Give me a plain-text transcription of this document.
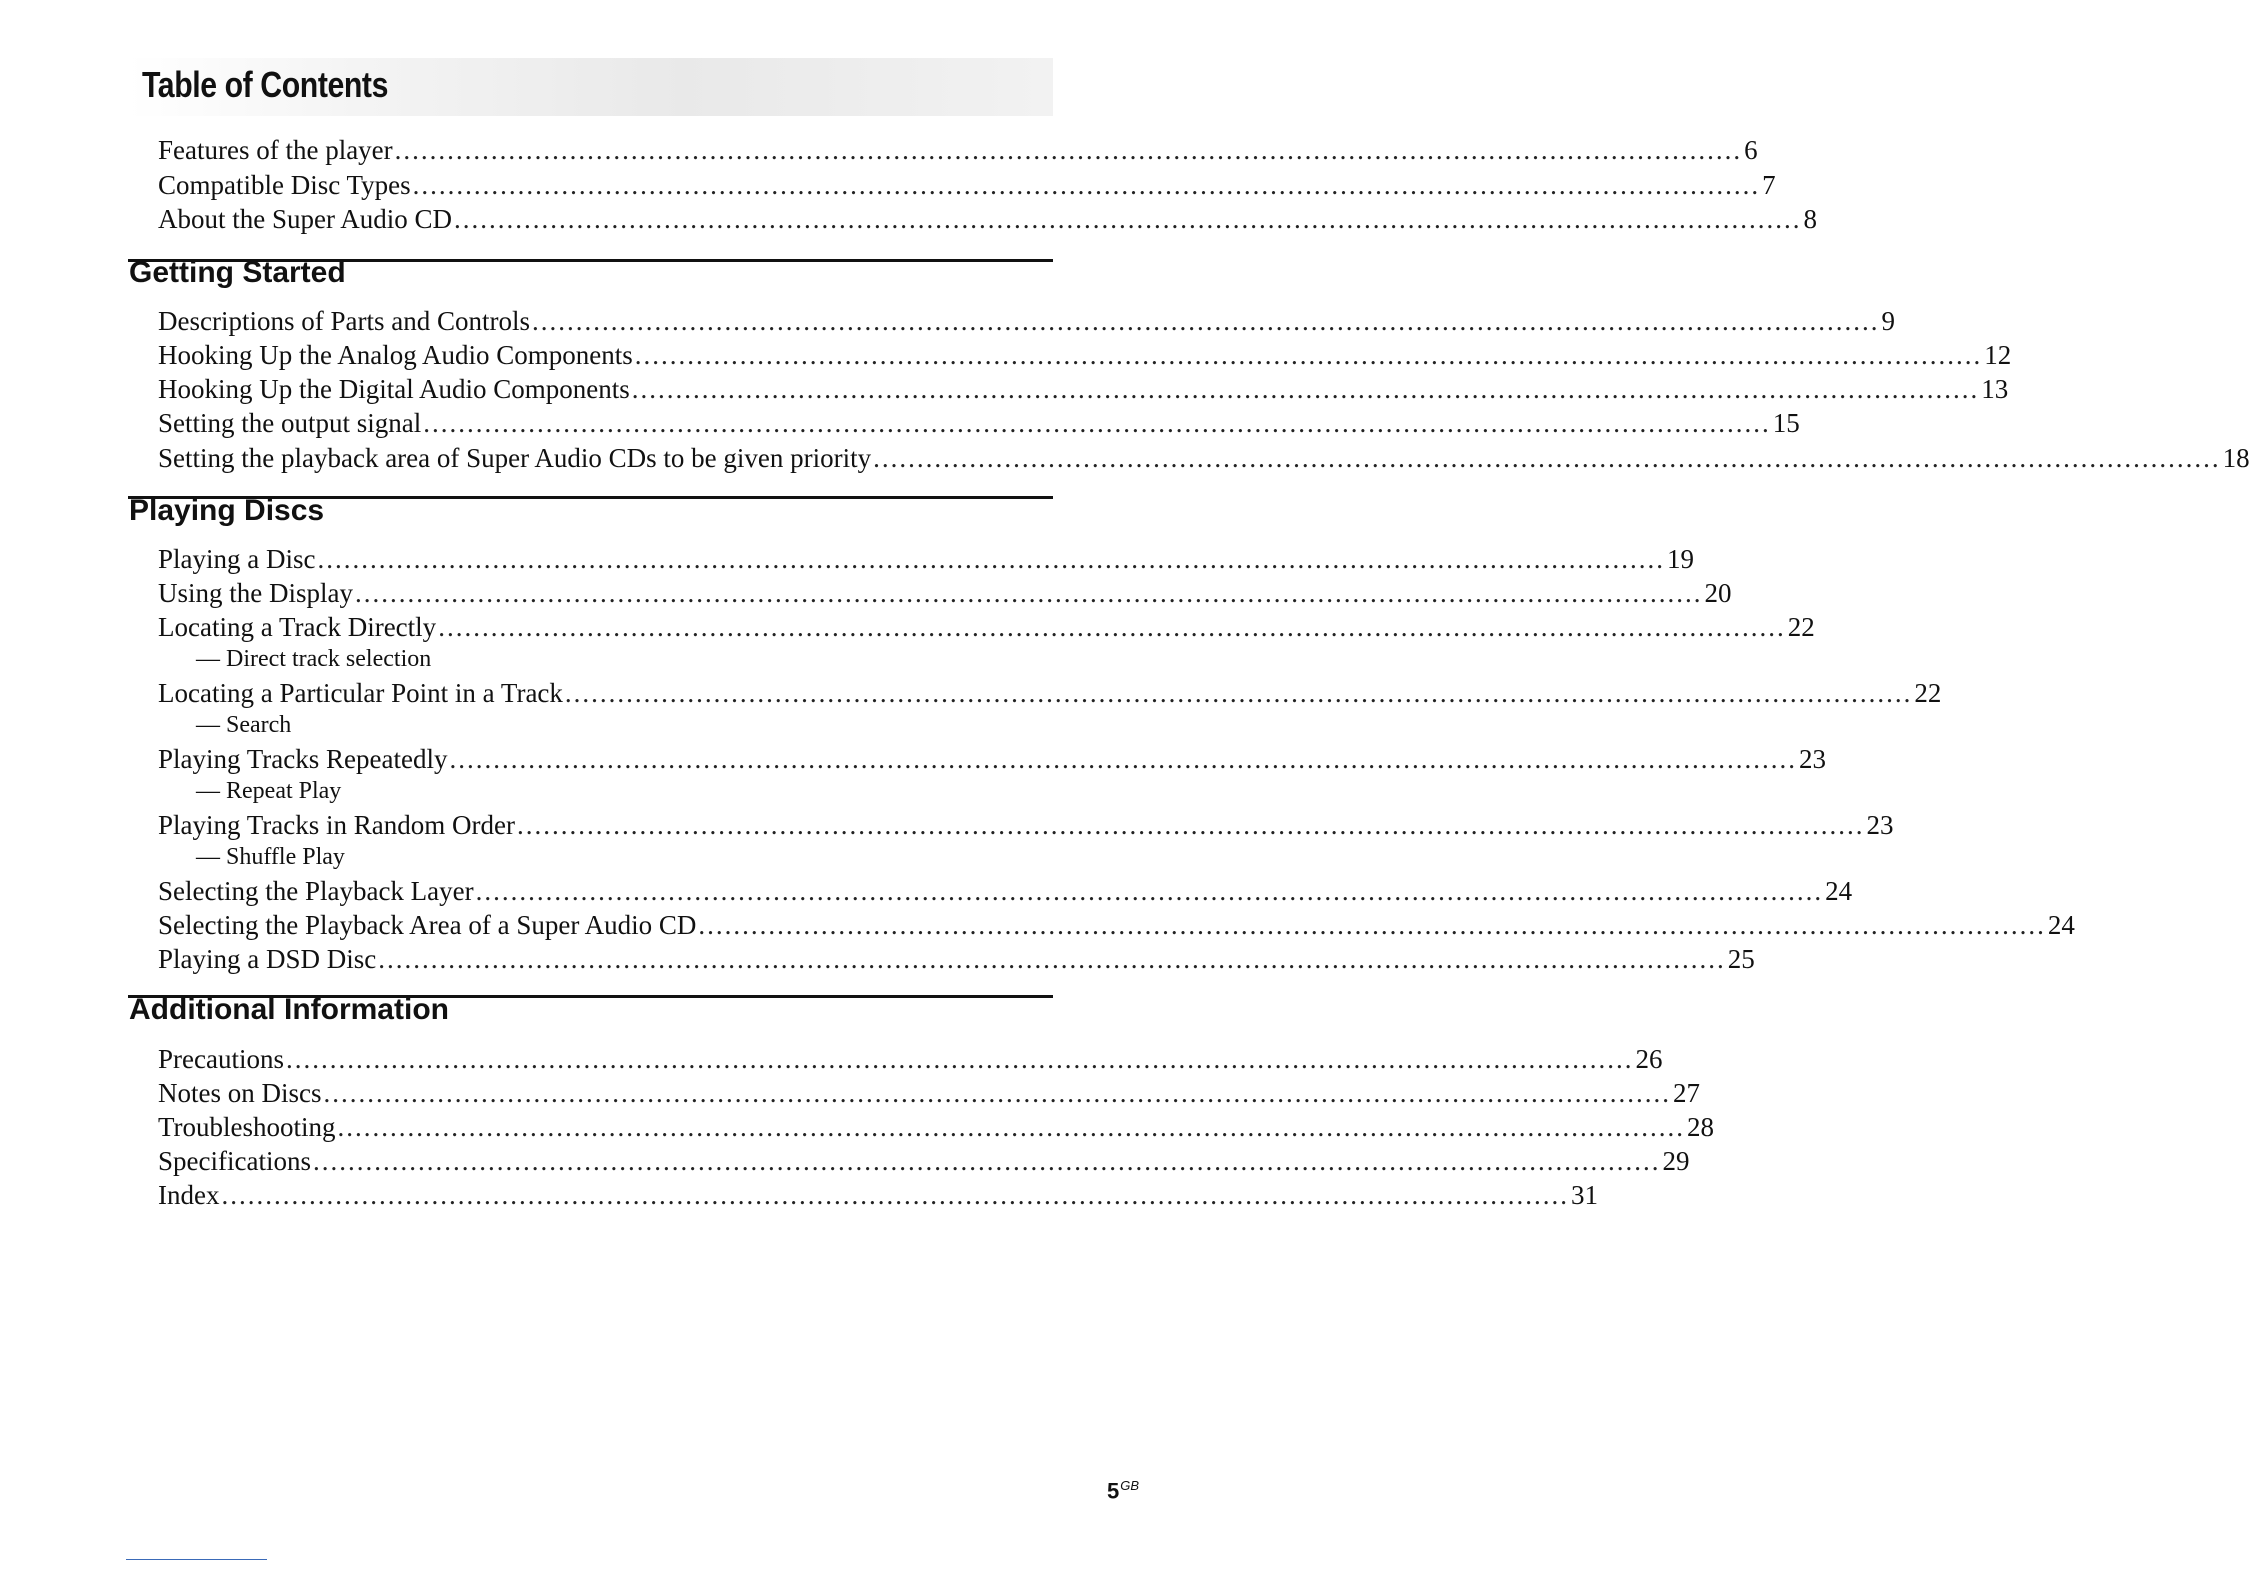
Table of Contents
Features of the player .......................................................................................................................................................... 6
Compatible Disc Types .......................................................................................................................................................... 7
About the Super Audio CD .......................................................................................................................................................... 8
Getting Started
Descriptions of Parts and Controls .......................................................................................................................................................... 9
Hooking Up the Analog Audio Components .......................................................................................................................................................... 12
Hooking Up the Digital Audio Components .......................................................................................................................................................... 13
Setting the output signal .......................................................................................................................................................... 15
Setting the playback area of Super Audio CDs to be given priority .......................................................................................................................................................... 18
Playing Discs
Playing a Disc .......................................................................................................................................................... 19
Using the Display .......................................................................................................................................................... 20
Locating a Track Directly .......................................................................................................................................................... 22
— Direct track selection
Locating a Particular Point in a Track .......................................................................................................................................................... 22
— Search
Playing Tracks Repeatedly .......................................................................................................................................................... 23
— Repeat Play
Playing Tracks in Random Order .......................................................................................................................................................... 23
— Shuffle Play
Selecting the Playback Layer .......................................................................................................................................................... 24
Selecting the Playback Area of a Super Audio CD .......................................................................................................................................................... 24
Playing a DSD Disc .......................................................................................................................................................... 25
Additional Information
Precautions .......................................................................................................................................................... 26
Notes on Discs .......................................................................................................................................................... 27
Troubleshooting .......................................................................................................................................................... 28
Specifications .......................................................................................................................................................... 29
Index .......................................................................................................................................................... 31
$5^{GB}$
